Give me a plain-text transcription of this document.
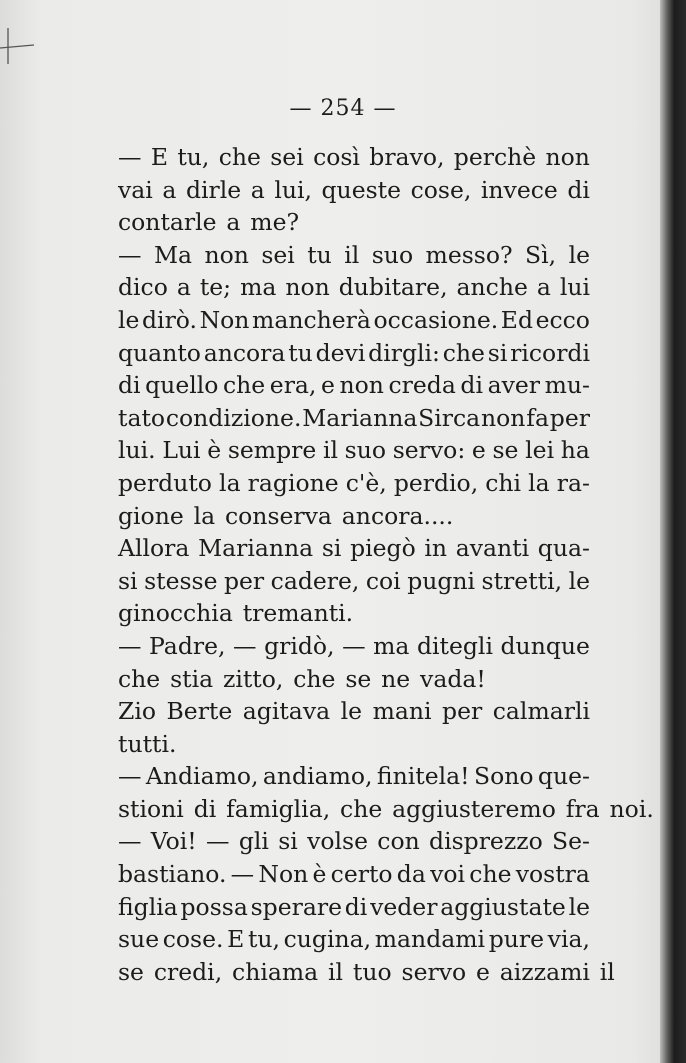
— 254 —
— E tu, che sei così bravo, perchè non
vai a dirle a lui, queste cose, invece di
contarle a me?
— Ma non sei tu il suo messo? Sì, le
dico a te; ma non dubitare, anche a lui
le dirò. Non mancherà occasione. Ed ecco
quanto ancora tu devi dirgli: che si ricordi
di quello che era, e non creda di aver mu-
tato condizione. Marianna Sirca non fa per
lui. Lui è sempre il suo servo: e se lei ha
perduto la ragione c'è, perdio, chi la ra-
gione la conserva ancora....
Allora Marianna si piegò in avanti qua-
si stesse per cadere, coi pugni stretti, le
ginocchia tremanti.
— Padre, — gridò, — ma ditegli dunque
che stia zitto, che se ne vada!
Zio Berte agitava le mani per calmarli
tutti.
— Andiamo, andiamo, finitela! Sono que-
stioni di famiglia, che aggiusteremo fra noi.
— Voi! — gli si volse con disprezzo Se-
bastiano. — Non è certo da voi che vostra
figlia possa sperare di veder aggiustate le
sue cose. E tu, cugina, mandami pure via,
se credi, chiama il tuo servo e aizzami il
